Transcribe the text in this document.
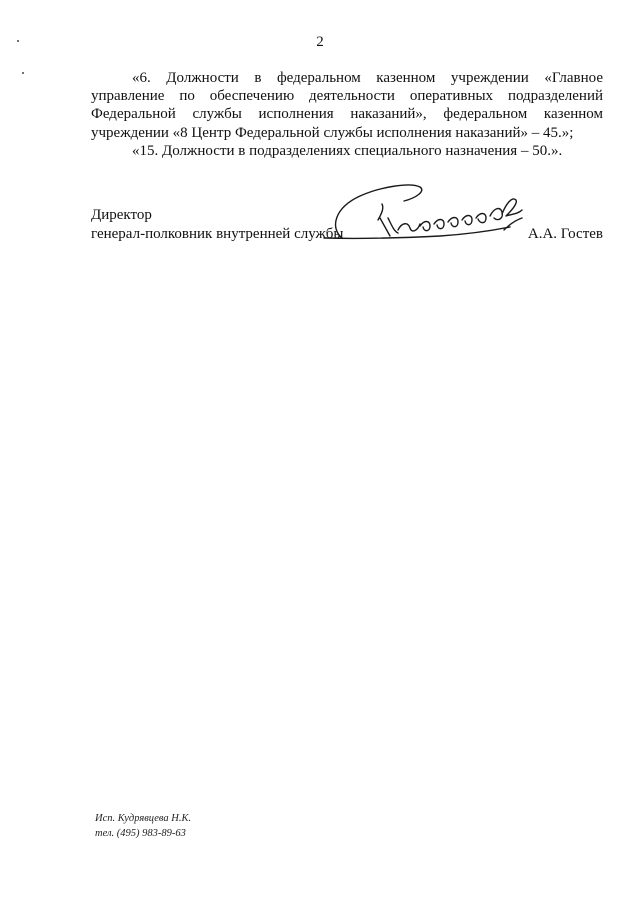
2

«6. Должности в федеральном казенном учреждении «Главное управление по обеспечению деятельности оперативных подразделений Федеральной службы исполнения наказаний», федеральном казенном учреждении «8 Центр Федеральной службы исполнения наказаний» – 45.»;

«15. Должности в подразделениях специального назначения – 50.».

Директор

генерал-полковник внутренней службы	А.А. Гостев

Исп. Кудрявцева Н.К.

тел. (495) 983-89-63
